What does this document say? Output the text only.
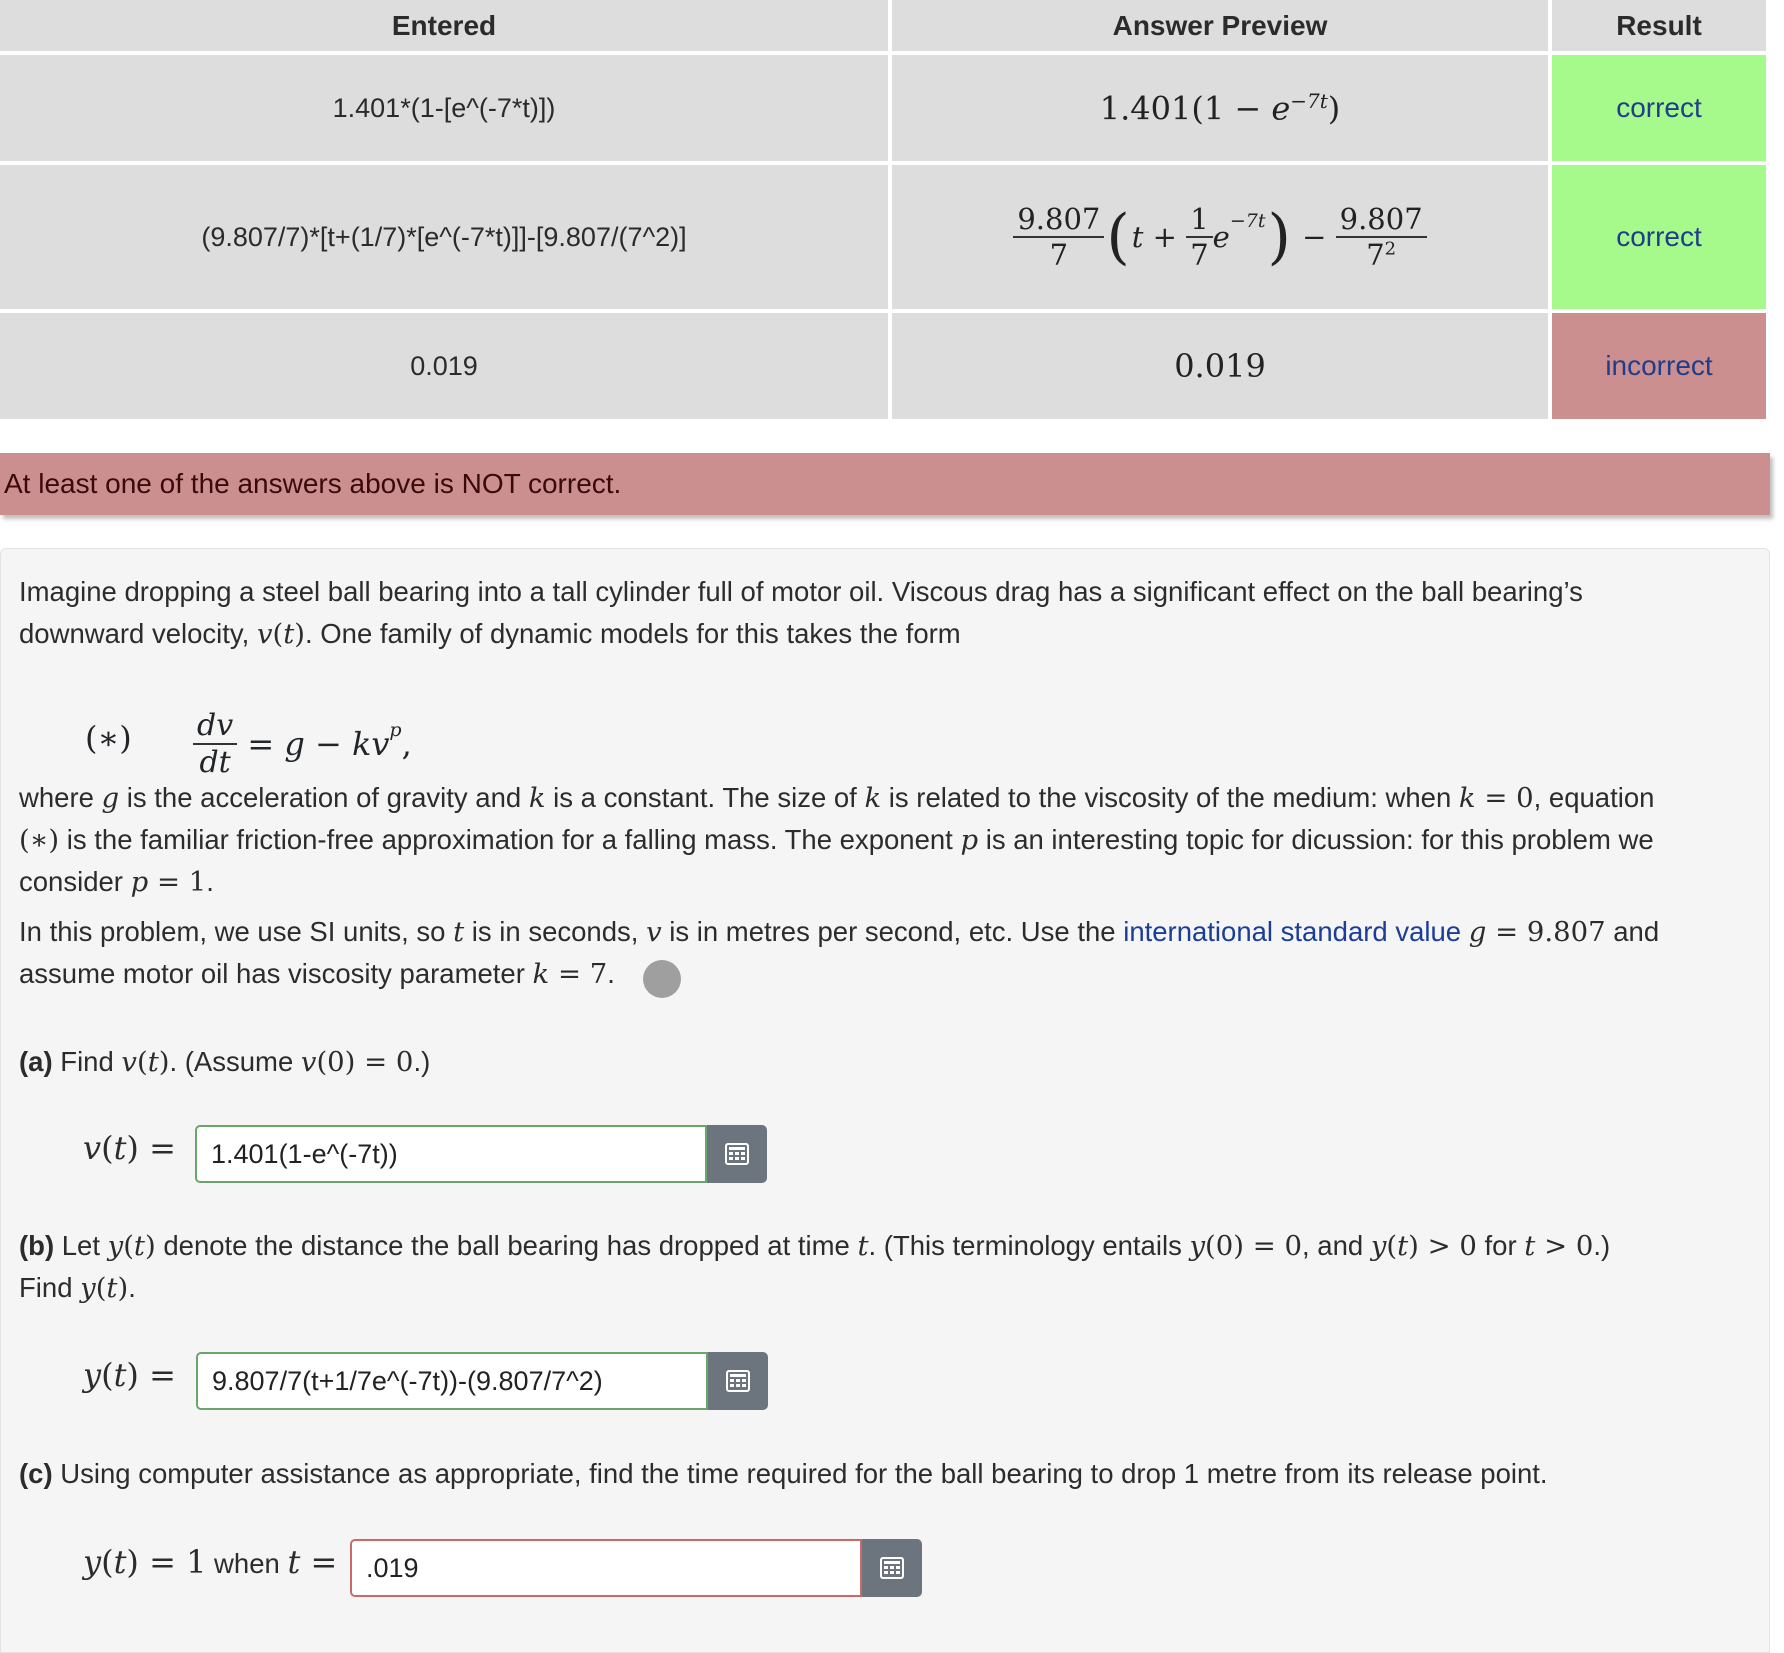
Entered	Answer Preview	Result
1.401*(1-[e^(-7*t)])	$1.401(1 - e^{-7t})$	correct
(9.807/7)*[t+(1/7)*[e^(-7*t)]]-[9.807/(7^2)]	$\frac{9.807}{7}$ ( $t + \frac{1}{7}$ e $^{-7t}$ ) − $\frac{9.807}{7^2}$	correct
0.019	0.019	incorrect
At least one of the answers above is NOT correct.
Imagine dropping a steel ball bearing into a tall cylinder full of motor oil. Viscous drag has a significant effect on the ball bearing’s
downward velocity, v(t). One family of dynamic models for this takes the form
(∗) $\frac{dv}{dt} = g$ − kv $^p$ ,
where g is the acceleration of gravity and k is a constant. The size of k is related to the viscosity of the medium: when k = 0, equation
(∗) is the familiar friction-free approximation for a falling mass. The exponent p is an interesting topic for dicussion: for this problem we
consider p = 1.
In this problem, we use SI units, so t is in seconds, v is in metres per second, etc. Use the international standard value g = 9.807 and
assume motor oil has viscosity parameter k = 7.
(a) Find v(t). (Assume v(0) = 0.)
v(t) =	1.401(1-e^(-7t))
(b) Let y(t) denote the distance the ball bearing has dropped at time t. (This terminology entails y(0) = 0, and y(t) > 0 for t > 0.)
Find y(t).
y(t) =	9.807/7(t+1/7e^(-7t))-(9.807/7^2)
(c) Using computer assistance as appropriate, find the time required for the ball bearing to drop 1 metre from its release point.
y(t) = 1 when t =	.019
